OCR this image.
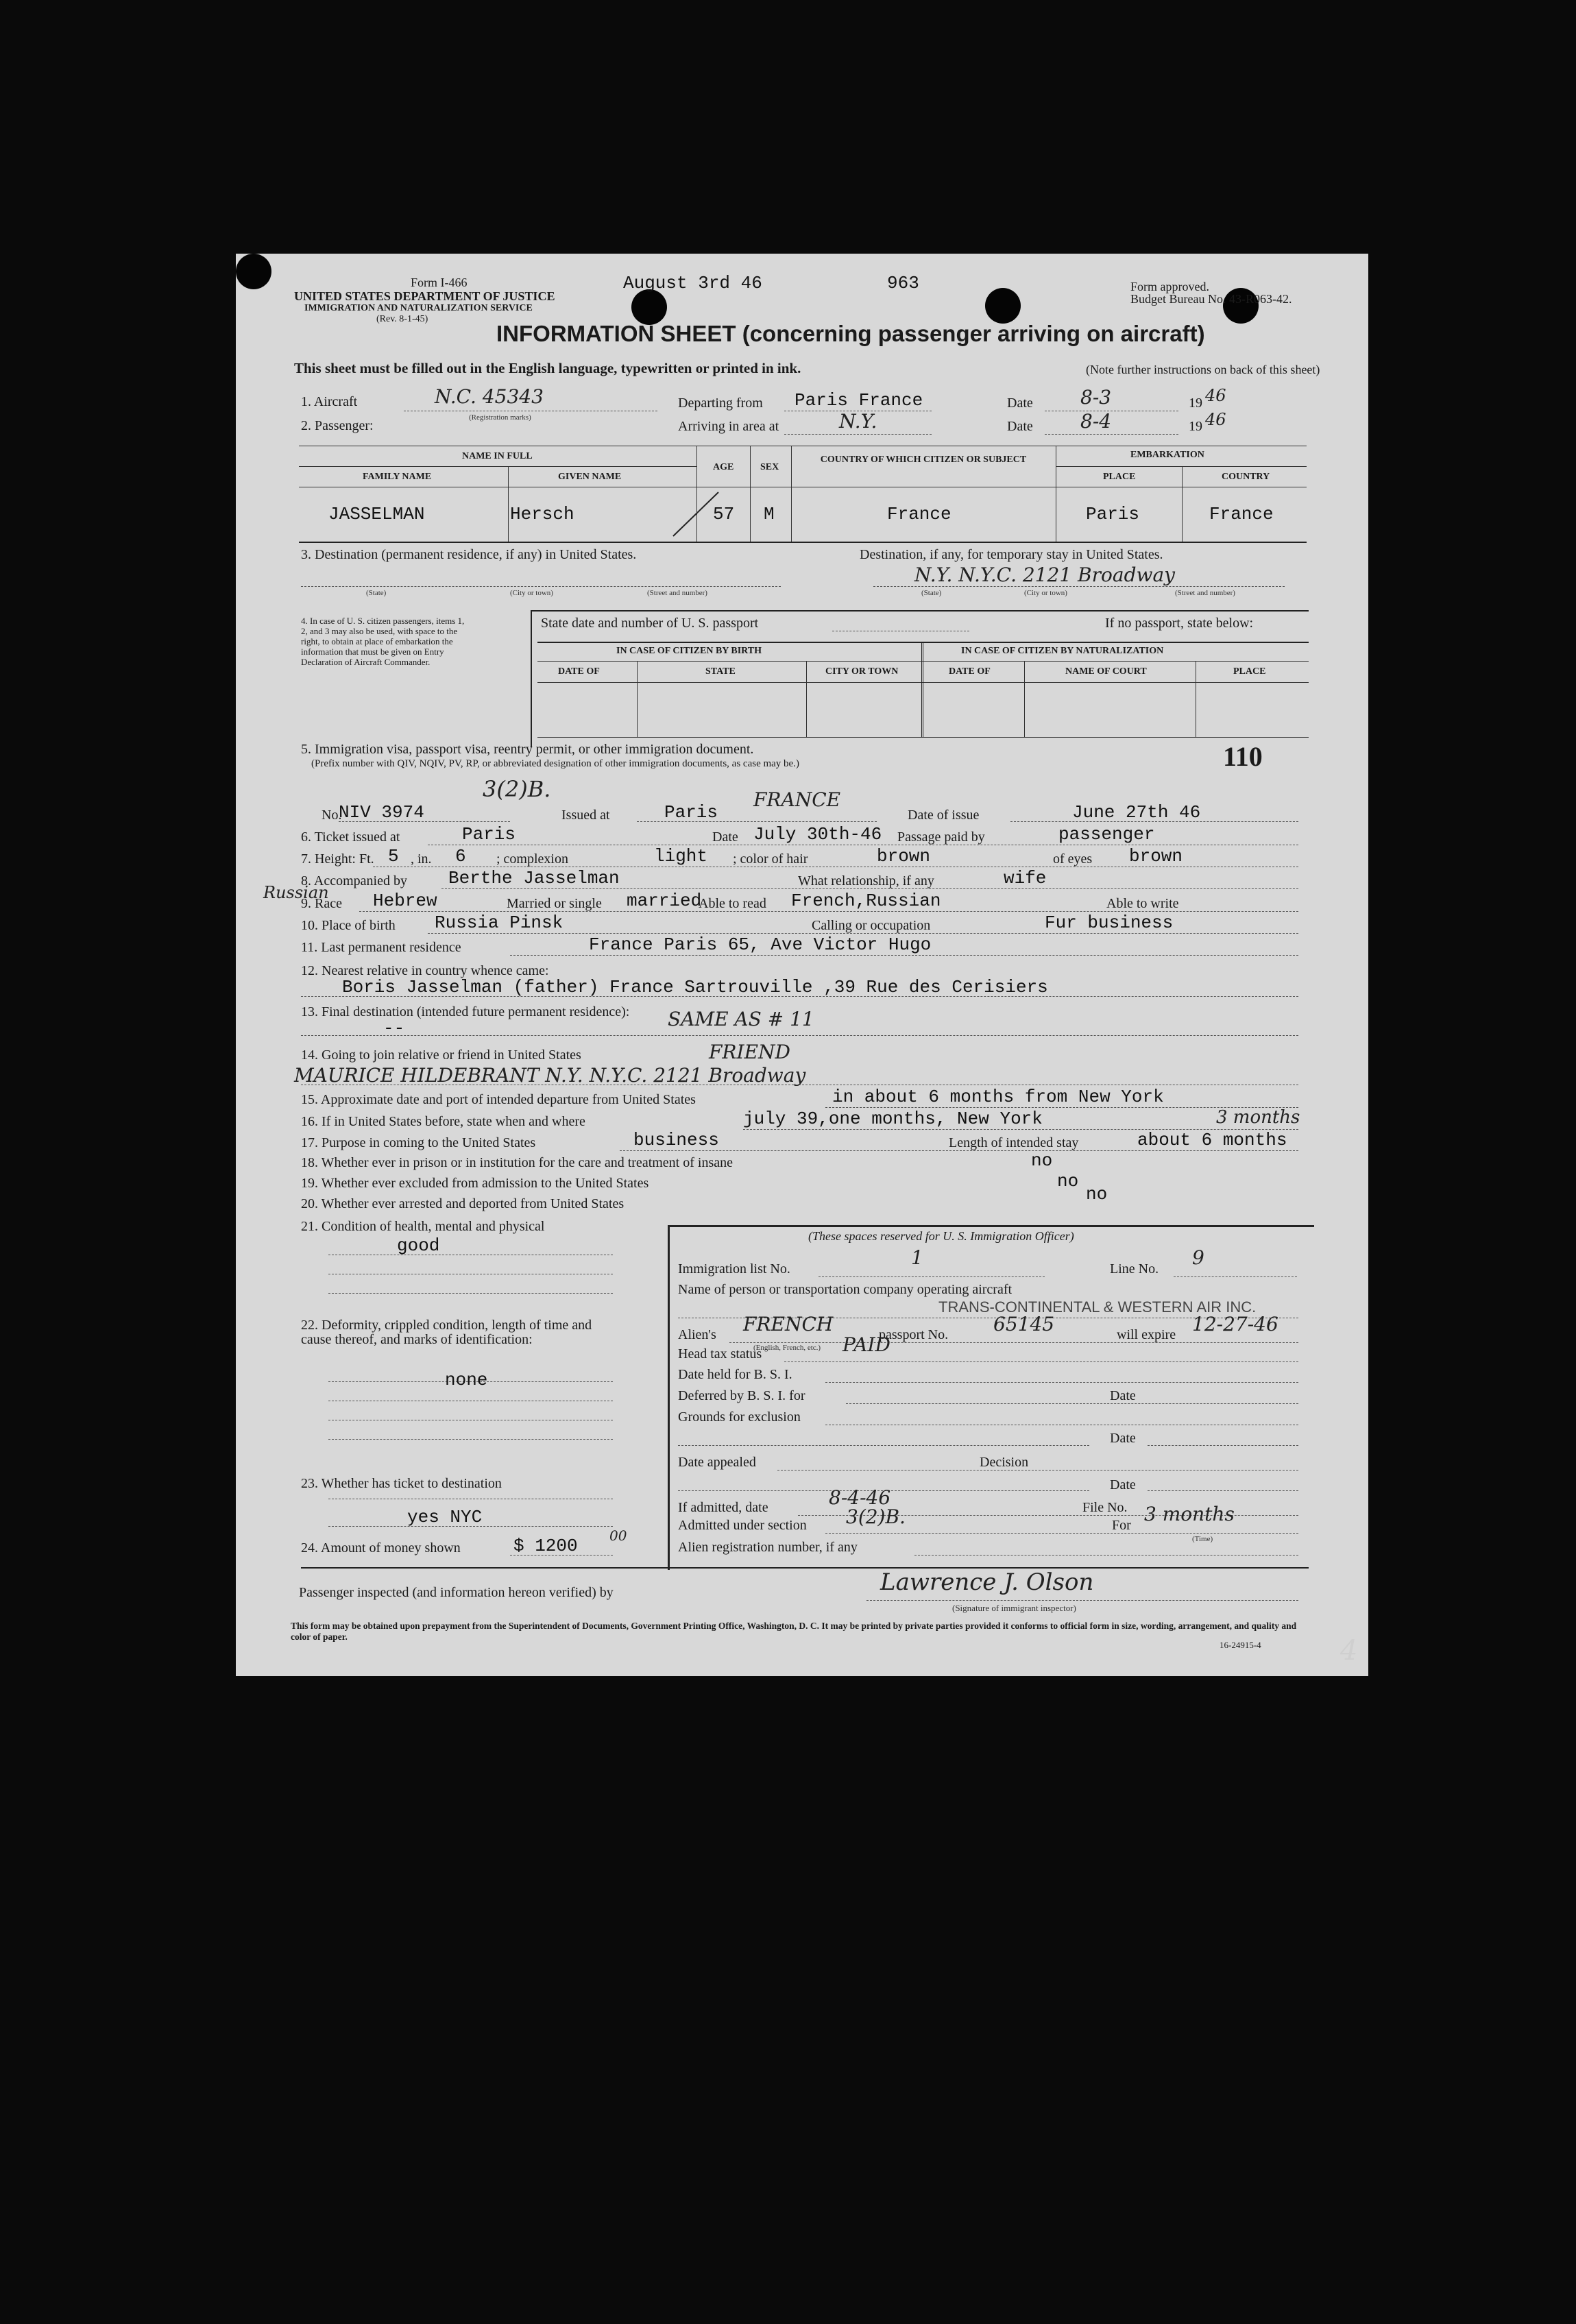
Form I-466
UNITED STATES DEPARTMENT OF JUSTICE
IMMIGRATION AND NATURALIZATION SERVICE
(Rev. 8-1-45)
August 3rd 46	963	Form approved.
Budget Bureau No. 43-R063-42.
INFORMATION SHEET (concerning passenger arriving on aircraft)
This sheet must be filled out in the English language, typewritten or printed in ink.	(Note further instructions on back of this sheet)
1. Aircraft	N.C. 45343
(Registration marks)
2. Passenger:
Departing from Paris France
Arriving in area at	N.Y.
Date 8-3	19 46
Date 8-4	19 46
NAME IN FULL	EMBARKATION
FAMILY NAME	GIVEN NAME
AGE	SEX
COUNTRY OF WHICH CITIZEN OR SUBJECT
PLACE	COUNTRY
JASSELMAN	Hersch	57 M	France	Paris	France
3. Destination (permanent residence, if any) in United States.	Destination, if any, for temporary stay in United States.
N.Y. N.Y.C. 2121 Broadway
(State)	(City or town)	(Street and number)	(State)	(City or town)	(Street and number)
4. In case of U. S. citizen passengers, items 1, 2, and 3 may also be used, with space to the right, to obtain at place of embarkation the information that must be given on Entry Declaration of Aircraft Commander.
State date and number of U. S. passport	If no passport, state below:
IN CASE OF CITIZEN BY BIRTH	IN CASE OF CITIZEN BY NATURALIZATION
DATE OF	STATE	CITY OR TOWN	DATE OF	NAME OF COURT	PLACE
5. Immigration visa, passport visa, reentry permit, or other immigration document.
(Prefix number with QIV, NQIV, PV, RP, or abbreviated designation of other immigration documents, as case may be.)	110
3(2)B.
No.
NIV 3974	Issued at	Paris
FRANCE
Date of issue	June 27th 46
6. Ticket issued at	Paris	Date July 30th-46 Passage paid by	passenger
7. Height: Ft. 5 , in. 6 ; complexion	light ; color of hair	brown	of eyes brown
8. Accompanied by Berthe Jasselman	What relationship, if any	wife
Russian
9. Race Hebrew	Married or single married
Able to read French,Russian	Able to write
10. Place of birth Russia Pinsk	Calling or occupation	Fur business
11. Last permanent residence	France Paris 65, Ave Victor Hugo
12. Nearest relative in country whence came:
Boris Jasselman (father) France Sartrouville ,39 Rue des Cerisiers
13. Final destination (intended future permanent residence): SAME AS # 11
--
14. Going to join relative or friend in United States	FRIEND
MAURICE HILDEBRANT N.Y. N.Y.C. 2121 Broadway
15. Approximate date and port of intended departure from United States	in about 6 months from New York
16. If in United States before, state when and where	july 39,one months, New York
17. Purpose in coming to the United States	business	Length of intended stay	about 6 months
3 months
18. Whether ever in prison or in institution for the care and treatment of insane	no
19. Whether ever excluded from admission to the United States	no
20. Whether ever arrested and deported from United States	no
21. Condition of health, mental and physical
good
22. Deformity, crippled condition, length of time and cause thereof, and marks of identification:
none
23. Whether has ticket to destination
yes NYC
24. Amount of money shown	$ 1200 00
(These spaces reserved for U. S. Immigration Officer)
Immigration list No.	1	Line No. 9
Name of person or transportation company operating aircraft
TRANS-CONTINENTAL & WESTERN AIR INC.
Alien's FRENCH
(English, French, etc.)
passport No. 65145	will expire 12-27-46
Head tax status	PAID
Date held for B. S. I.
Deferred by B. S. I. for	Date
Grounds for exclusion
Date
Date appealed	Decision
Date
If admitted, date	8-4-46	File No.
Admitted under section 3(2)B.	For 3 months
(Time)
Alien registration number, if any
Passenger inspected (and information hereon verified) by	Lawrence J. Olson
(Signature of immigrant inspector)
This form may be obtained upon prepayment from the Superintendent of Documents, Government Printing Office, Washington, D. C. It may be printed by private parties provided it conforms to official form in size, wording, arrangement, and quality and color of paper.
16-24915-4	4
